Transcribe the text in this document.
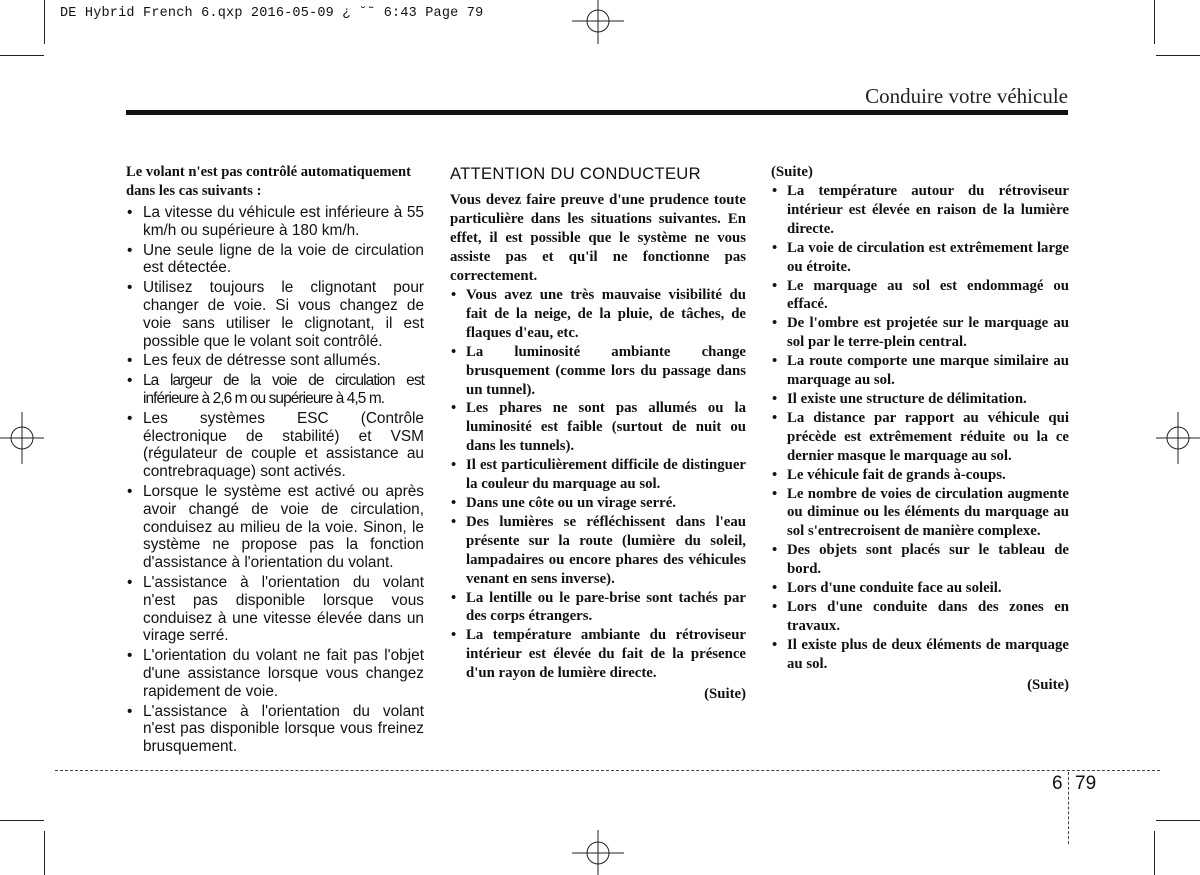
DE Hybrid French 6.qxp 2016-05-09 ¿ ˘˜ 6:43 Page 79
Conduire votre véhicule
Le volant n'est pas contrôlé automatiquement dans les cas suivants :
• La vitesse du véhicule est inférieure à 55 km/h ou supérieure à 180 km/h.
• Une seule ligne de la voie de circulation est détectée.
• Utilisez toujours le clignotant pour changer de voie. Si vous changez de voie sans utiliser le clignotant, il est possible que le volant soit contrôlé.
• Les feux de détresse sont allumés.
• La largeur de la voie de circulation est inférieure à 2,6 m ou supérieure à 4,5 m.
• Les systèmes ESC (Contrôle électronique de stabilité) et VSM (régulateur de couple et assistance au contrebraquage) sont activés.
• Lorsque le système est activé ou après avoir changé de voie de circulation, conduisez au milieu de la voie. Sinon, le système ne propose pas la fonction d'assistance à l'orientation du volant.
• L'assistance à l'orientation du volant n'est pas disponible lorsque vous conduisez à une vitesse élevée dans un virage serré.
• L'orientation du volant ne fait pas l'objet d'une assistance lorsque vous changez rapidement de voie.
• L'assistance à l'orientation du volant n'est pas disponible lorsque vous freinez brusquement.
ATTENTION DU CONDUCTEUR
Vous devez faire preuve d'une prudence toute particulière dans les situations suivantes. En effet, il est possible que le système ne vous assiste pas et qu'il ne fonctionne pas correctement.
• Vous avez une très mauvaise visibilité du fait de la neige, de la pluie, de tâches, de flaques d'eau, etc.
• La luminosité ambiante change brusquement (comme lors du passage dans un tunnel).
• Les phares ne sont pas allumés ou la luminosité est faible (surtout de nuit ou dans les tunnels).
• Il est particulièrement difficile de distinguer la couleur du marquage au sol.
• Dans une côte ou un virage serré.
• Des lumières se réfléchissent dans l'eau présente sur la route (lumière du soleil, lampadaires ou encore phares des véhicules venant en sens inverse).
• La lentille ou le pare-brise sont tachés par des corps étrangers.
• La température ambiante du rétroviseur intérieur est élevée du fait de la présence d'un rayon de lumière directe.
(Suite)
(Suite)
• La température autour du rétroviseur intérieur est élevée en raison de la lumière directe.
• La voie de circulation est extrêmement large ou étroite.
• Le marquage au sol est endommagé ou effacé.
• De l'ombre est projetée sur le marquage au sol par le terre-plein central.
• La route comporte une marque similaire au marquage au sol.
• Il existe une structure de délimitation.
• La distance par rapport au véhicule qui précède est extrêmement réduite ou la ce dernier masque le marquage au sol.
• Le véhicule fait de grands à-coups.
• Le nombre de voies de circulation augmente ou diminue ou les éléments du marquage au sol s'entrecroisent de manière complexe.
• Des objets sont placés sur le tableau de bord.
• Lors d'une conduite face au soleil.
• Lors d'une conduite dans des zones en travaux.
• Il existe plus de deux éléments de marquage au sol.
(Suite)
6 79
